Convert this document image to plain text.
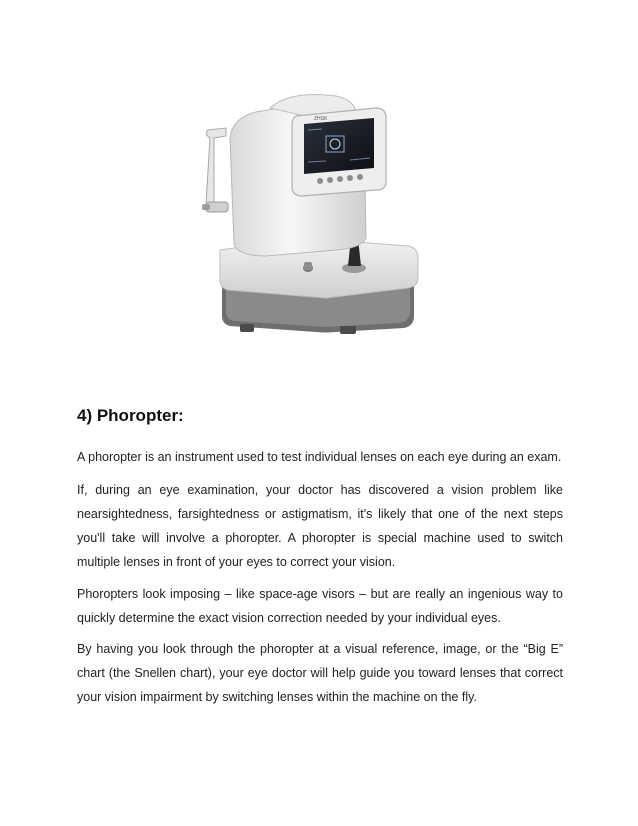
ZHSK
4) Phoropter:

A phoropter is an instrument used to test individual lenses on each eye during an exam.

If, during an eye examination, your doctor has discovered a vision problem like nearsightedness, farsightedness or astigmatism, it's likely that one of the next steps you'll take will involve a phoropter. A phoropter is special machine used to switch multiple lenses in front of your eyes to correct your vision.

Phoropters look imposing – like space-age visors – but are really an ingenious way to quickly determine the exact vision correction needed by your individual eyes.

By having you look through the phoropter at a visual reference, image, or the “Big E” chart (the Snellen chart), your eye doctor will help guide you toward lenses that correct your vision impairment by switching lenses within the machine on the fly.
